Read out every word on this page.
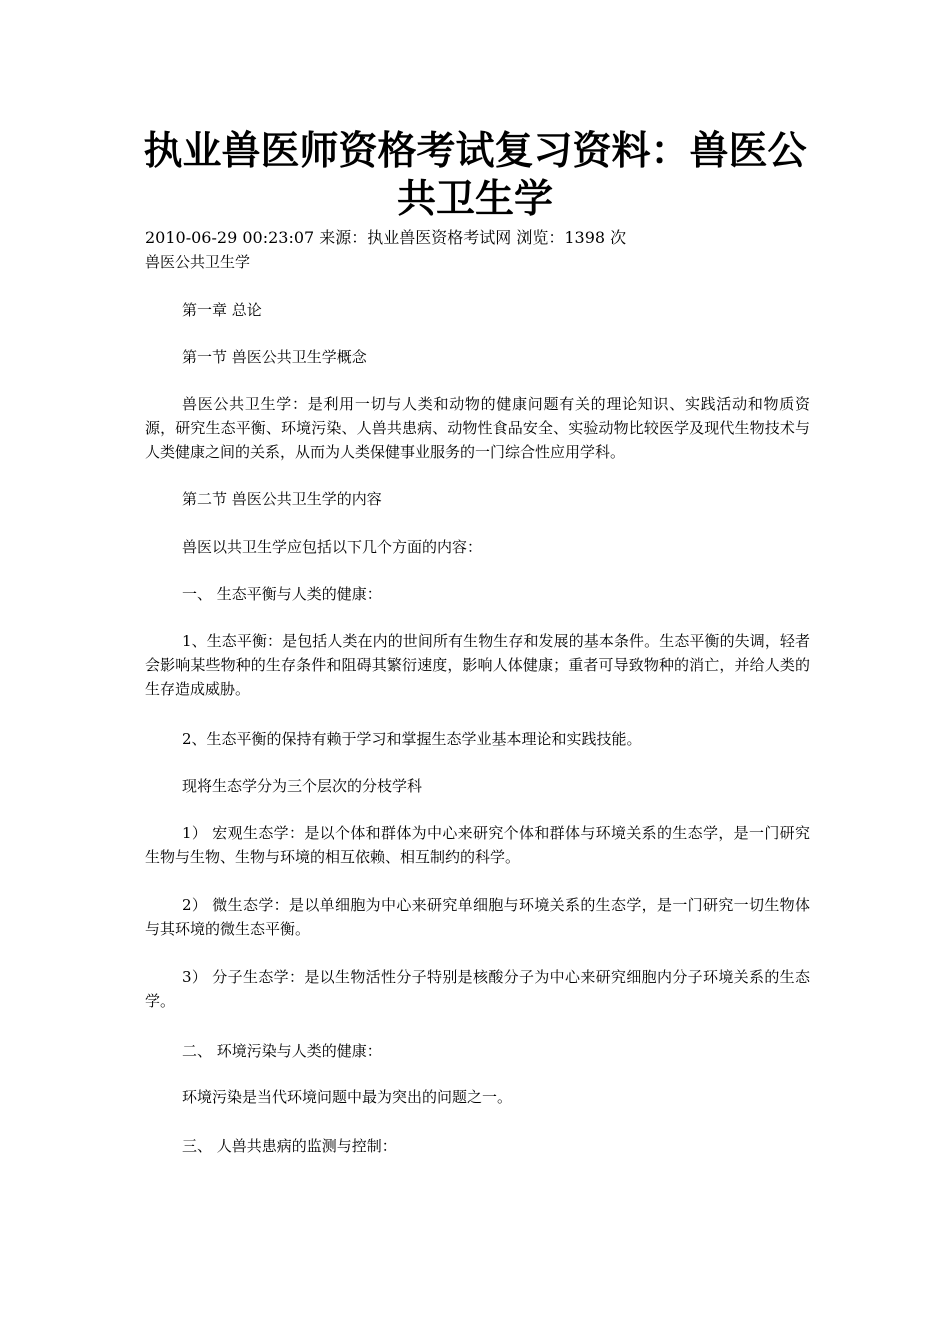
执业兽医师资格考试复习资料：兽医公
共卫生学
2010-06-29 00:23:07 来源：执业兽医资格考试网 浏览：1398 次
兽医公共卫生学

第一章 总论

第一节 兽医公共卫生学概念

兽医公共卫生学：是利用一切与人类和动物的健康问题有关的理论知识、实践活动和物质资源，研究生态平衡、环境污染、人兽共患病、动物性食品安全、实验动物比较医学及现代生物技术与人类健康之间的关系，从而为人类保健事业服务的一门综合性应用学科。

第二节 兽医公共卫生学的内容

兽医以共卫生学应包括以下几个方面的内容：

一、 生态平衡与人类的健康：

1、生态平衡：是包括人类在内的世间所有生物生存和发展的基本条件。生态平衡的失调，轻者会影响某些物种的生存条件和阻碍其繁衍速度，影响人体健康；重者可导致物种的消亡，并给人类的生存造成威胁。

2、生态平衡的保持有赖于学习和掌握生态学业基本理论和实践技能。

现将生态学分为三个层次的分枝学科

1） 宏观生态学：是以个体和群体为中心来研究个体和群体与环境关系的生态学，是一门研究生物与生物、生物与环境的相互依赖、相互制约的科学。

2） 微生态学：是以单细胞为中心来研究单细胞与环境关系的生态学，是一门研究一切生物体与其环境的微生态平衡。

3） 分子生态学：是以生物活性分子特别是核酸分子为中心来研究细胞内分子环境关系的生态学。

二、 环境污染与人类的健康：

环境污染是当代环境问题中最为突出的问题之一。

三、 人兽共患病的监测与控制：
